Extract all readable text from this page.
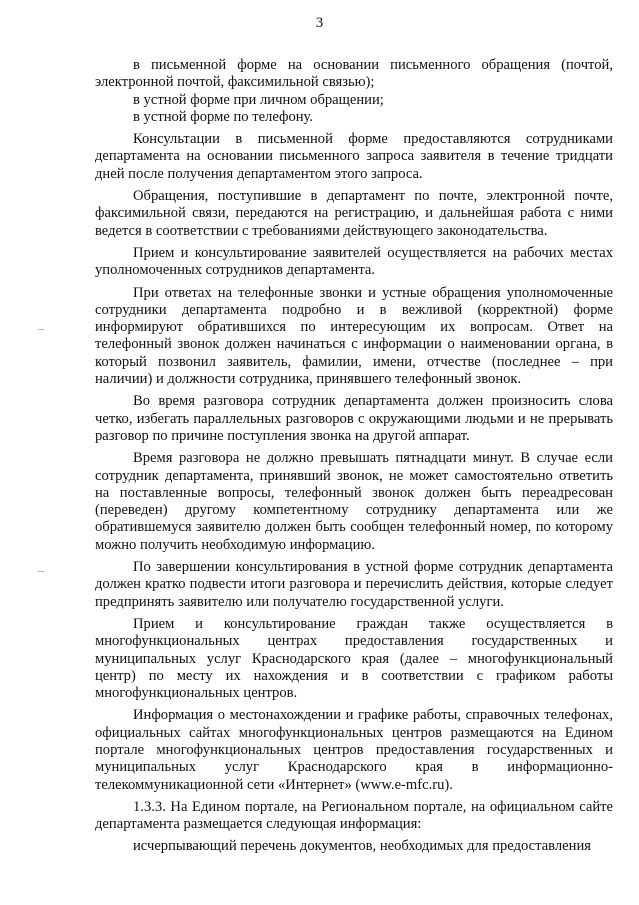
3

в письменной форме на основании письменного обращения (почтой, электронной почтой, факсимильной связью);

в устной форме при личном обращении;

в устной форме по телефону.

Консультации в письменной форме предоставляются сотрудниками департамента на основании письменного запроса заявителя в течение тридцати дней после получения департаментом этого запроса.

Обращения, поступившие в департамент по почте, электронной почте, факсимильной связи, передаются на регистрацию, и дальнейшая работа с ними ведется в соответствии с требованиями действующего законодательства.

Прием и консультирование заявителей осуществляется на рабочих местах уполномоченных сотрудников департамента.

При ответах на телефонные звонки и устные обращения уполномоченные сотрудники департамента подробно и в вежливой (корректной) форме информируют обратившихся по интересующим их вопросам. Ответ на телефонный звонок должен начинаться с информации о наименовании органа, в который позвонил заявитель, фамилии, имени, отчестве (последнее – при наличии) и должности сотрудника, принявшего телефонный звонок.

Во время разговора сотрудник департамента должен произносить слова четко, избегать параллельных разговоров с окружающими людьми и не прерывать разговор по причине поступления звонка на другой аппарат.

Время разговора не должно превышать пятнадцати минут. В случае если сотрудник департамента, принявший звонок, не может самостоятельно ответить на поставленные вопросы, телефонный звонок должен быть переадресован (переведен) другому компетентному сотруднику департамента или же обратившемуся заявителю должен быть сообщен телефонный номер, по которому можно получить необходимую информацию.

По завершении консультирования в устной форме сотрудник департамента должен кратко подвести итоги разговора и перечислить действия, которые следует предпринять заявителю или получателю государственной услуги.

Прием и консультирование граждан также осуществляется в многофункциональных центрах предоставления государственных и муниципальных услуг Краснодарского края (далее – многофункциональный центр) по месту их нахождения и в соответствии с графиком работы многофункциональных центров.

Информация о местонахождении и графике работы, справочных телефонах, официальных сайтах многофункциональных центров размещаются на Едином портале многофункциональных центров предоставления государственных и муниципальных услуг Краснодарского края в информационно-телекоммуникационной сети «Интернет» (www.e-mfc.ru).

1.3.3. На Едином портале, на Региональном портале, на официальном сайте департамента размещается следующая информация:

исчерпывающий перечень документов, необходимых для предоставления
